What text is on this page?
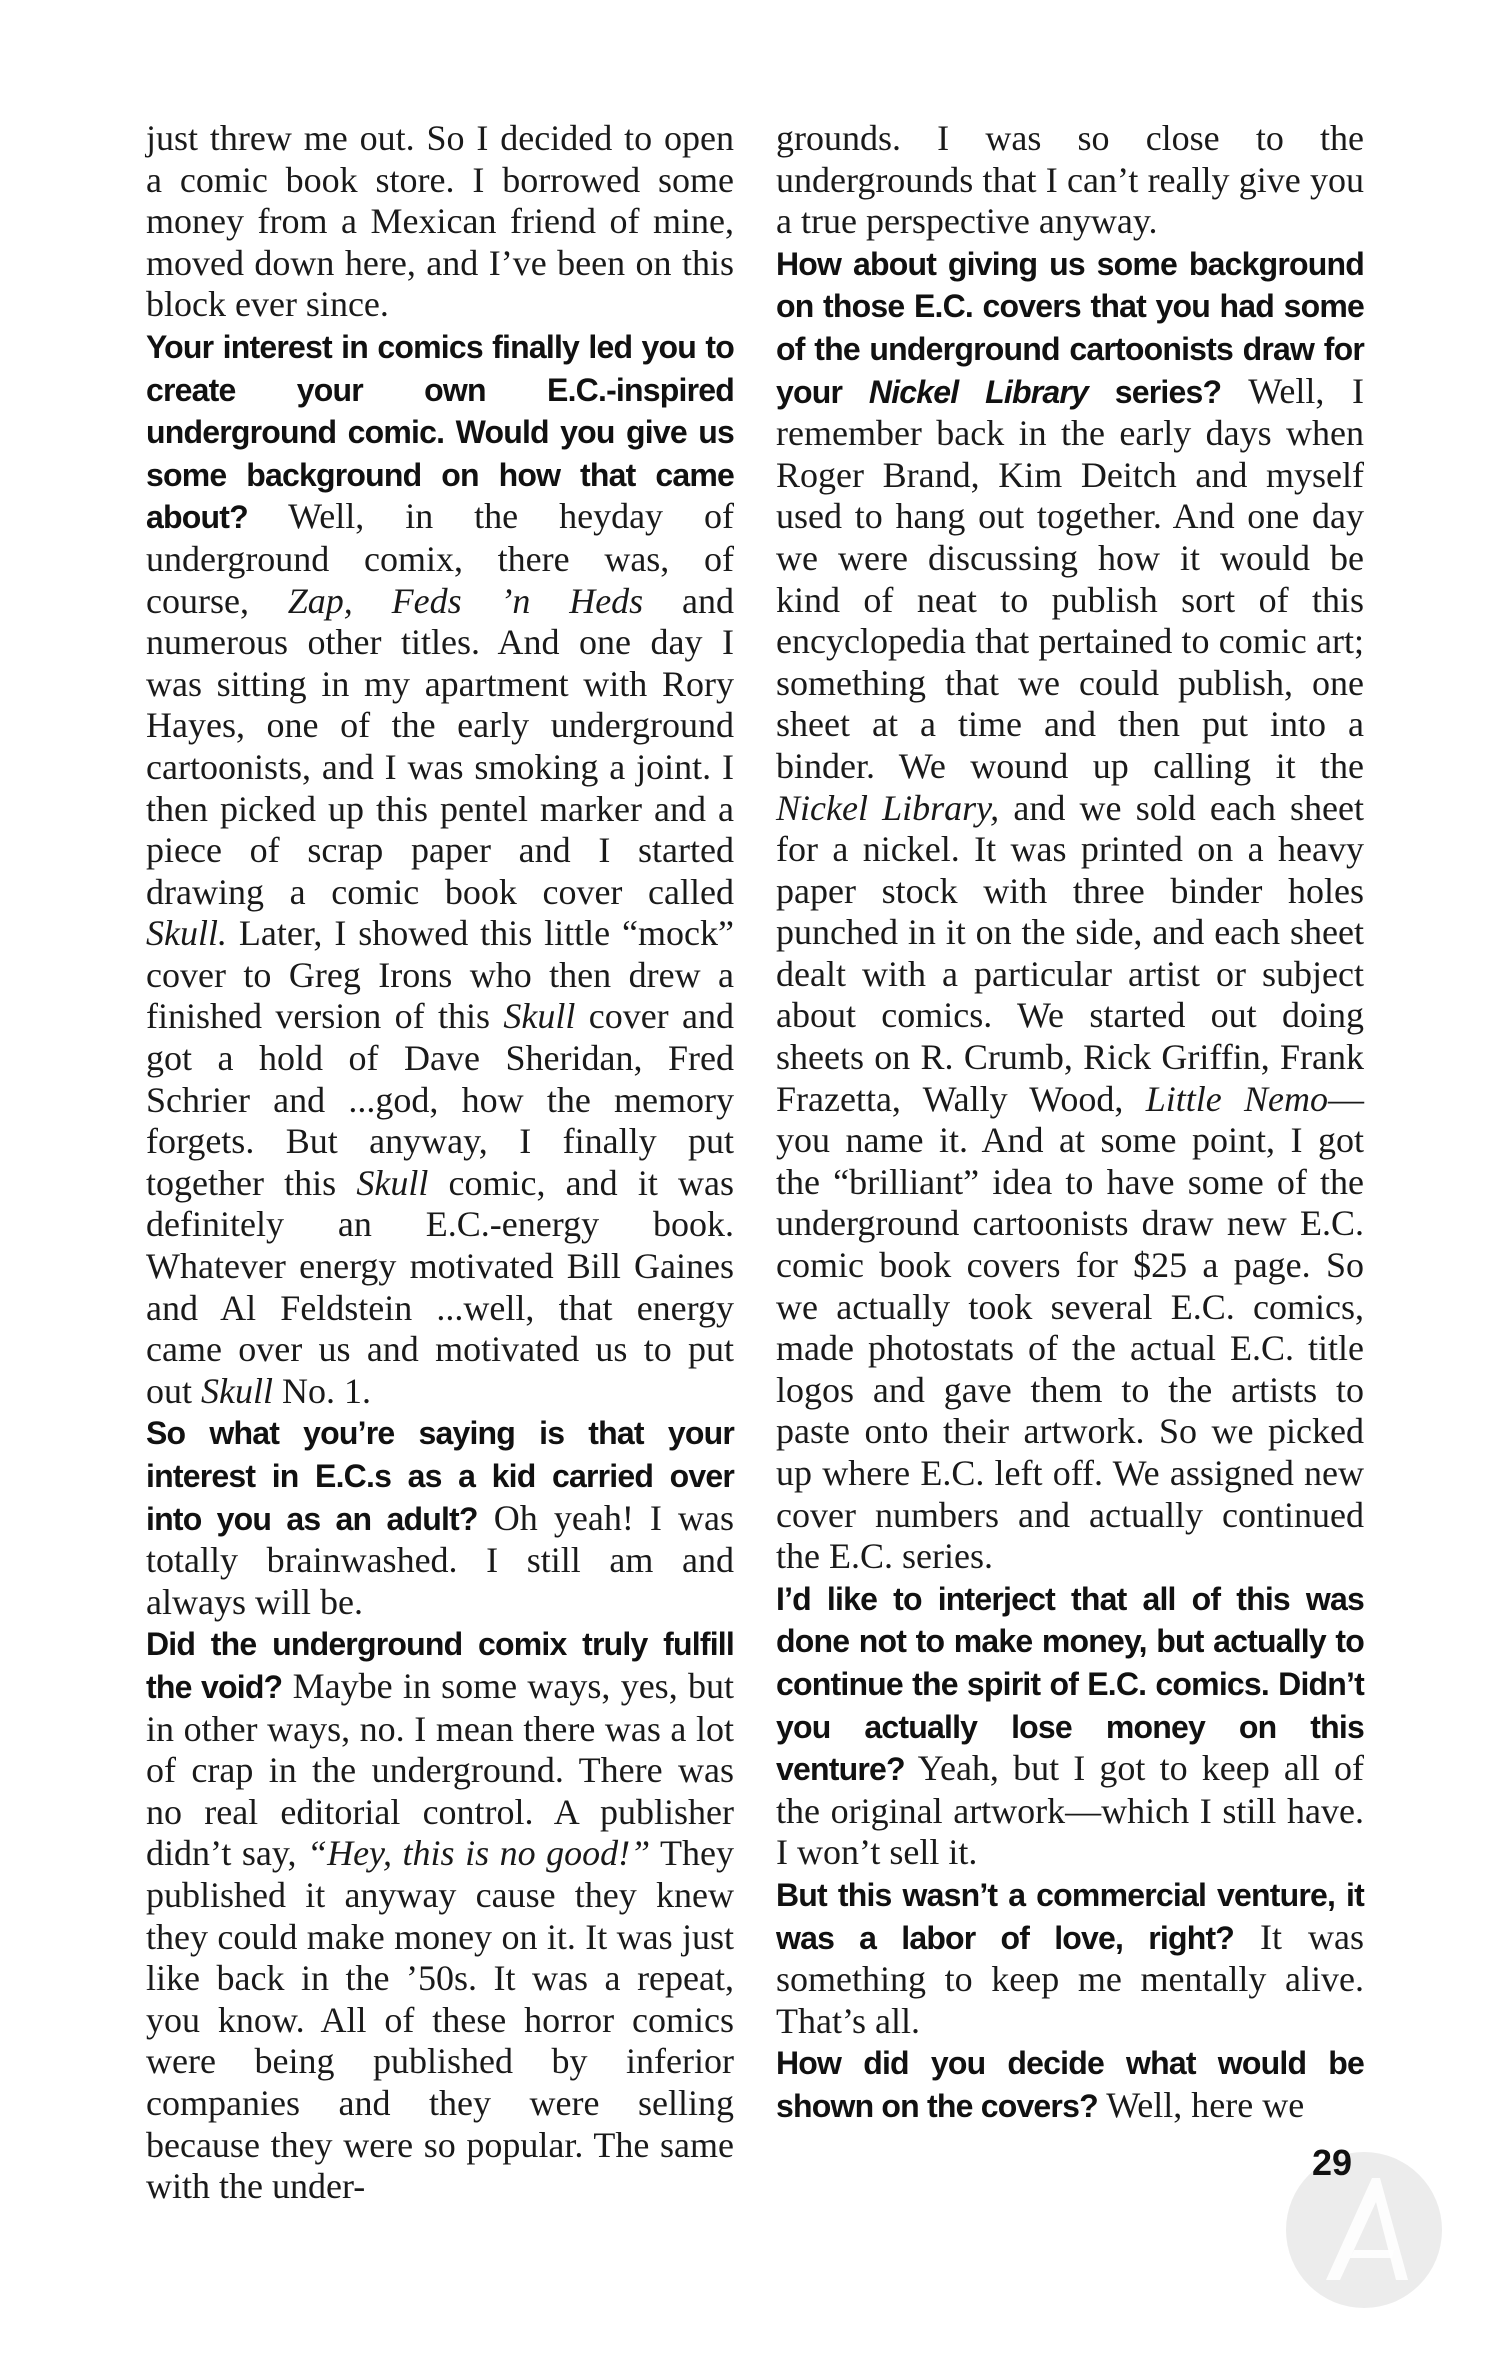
just threw me out. So I decided to open a comic book store. I borrowed some money from a Mexican friend of mine, moved down here, and I’ve been on this block ever since.

Your interest in comics finally led you to create your own E.C.-inspired underground comic. Would you give us some background on how that came about? Well, in the heyday of underground comix, there was, of course, Zap, Feds ’n Heds and numerous other titles. And one day I was sitting in my apartment with Rory Hayes, one of the early underground cartoonists, and I was smoking a joint. I then picked up this pentel marker and a piece of scrap paper and I started drawing a comic book cover called Skull. Later, I showed this little “mock” cover to Greg Irons who then drew a finished version of this Skull cover and got a hold of Dave Sheridan, Fred Schrier and ...god, how the memory forgets. But anyway, I finally put together this Skull comic, and it was definitely an E.C.-energy book. Whatever energy motivated Bill Gaines and Al Feldstein ...well, that energy came over us and motivated us to put out Skull No. 1.

So what you’re saying is that your interest in E.C.s as a kid carried over into you as an adult? Oh yeah! I was totally brainwashed. I still am and always will be.

Did the underground comix truly fulfill the void? Maybe in some ways, yes, but in other ways, no. I mean there was a lot of crap in the underground. There was no real editorial control. A publisher didn’t say, “Hey, this is no good!” They published it anyway cause they knew they could make money on it. It was just like back in the ’50s. It was a repeat, you know. All of these horror comics were being published by inferior companies and they were selling because they were so popular. The same with the under-

grounds. I was so close to the undergrounds that I can’t really give you a true perspective anyway.

How about giving us some background on those E.C. covers that you had some of the underground cartoonists draw for your Nickel Library series? Well, I remember back in the early days when Roger Brand, Kim Deitch and myself used to hang out together. And one day we were discussing how it would be kind of neat to publish sort of this encyclopedia that pertained to comic art; something that we could publish, one sheet at a time and then put into a binder. We wound up calling it the Nickel Library, and we sold each sheet for a nickel. It was printed on a heavy paper stock with three binder holes punched in it on the side, and each sheet dealt with a particular artist or subject about comics. We started out doing sheets on R. Crumb, Rick Griffin, Frank Frazetta, Wally Wood, Little Nemo—you name it. And at some point, I got the “brilliant” idea to have some of the underground cartoonists draw new E.C. comic book covers for $25 a page. So we actually took several E.C. comics, made photostats of the actual E.C. title logos and gave them to the artists to paste onto their artwork. So we picked up where E.C. left off. We assigned new cover numbers and actually continued the E.C. series.

I’d like to interject that all of this was done not to make money, but actually to continue the spirit of E.C. comics. Didn’t you actually lose money on this venture? Yeah, but I got to keep all of the original artwork—which I still have. I won’t sell it.

But this wasn’t a commercial venture, it was a labor of love, right? It was something to keep me mentally alive. That’s all.

How did you decide what would be shown on the covers? Well, here we

29
